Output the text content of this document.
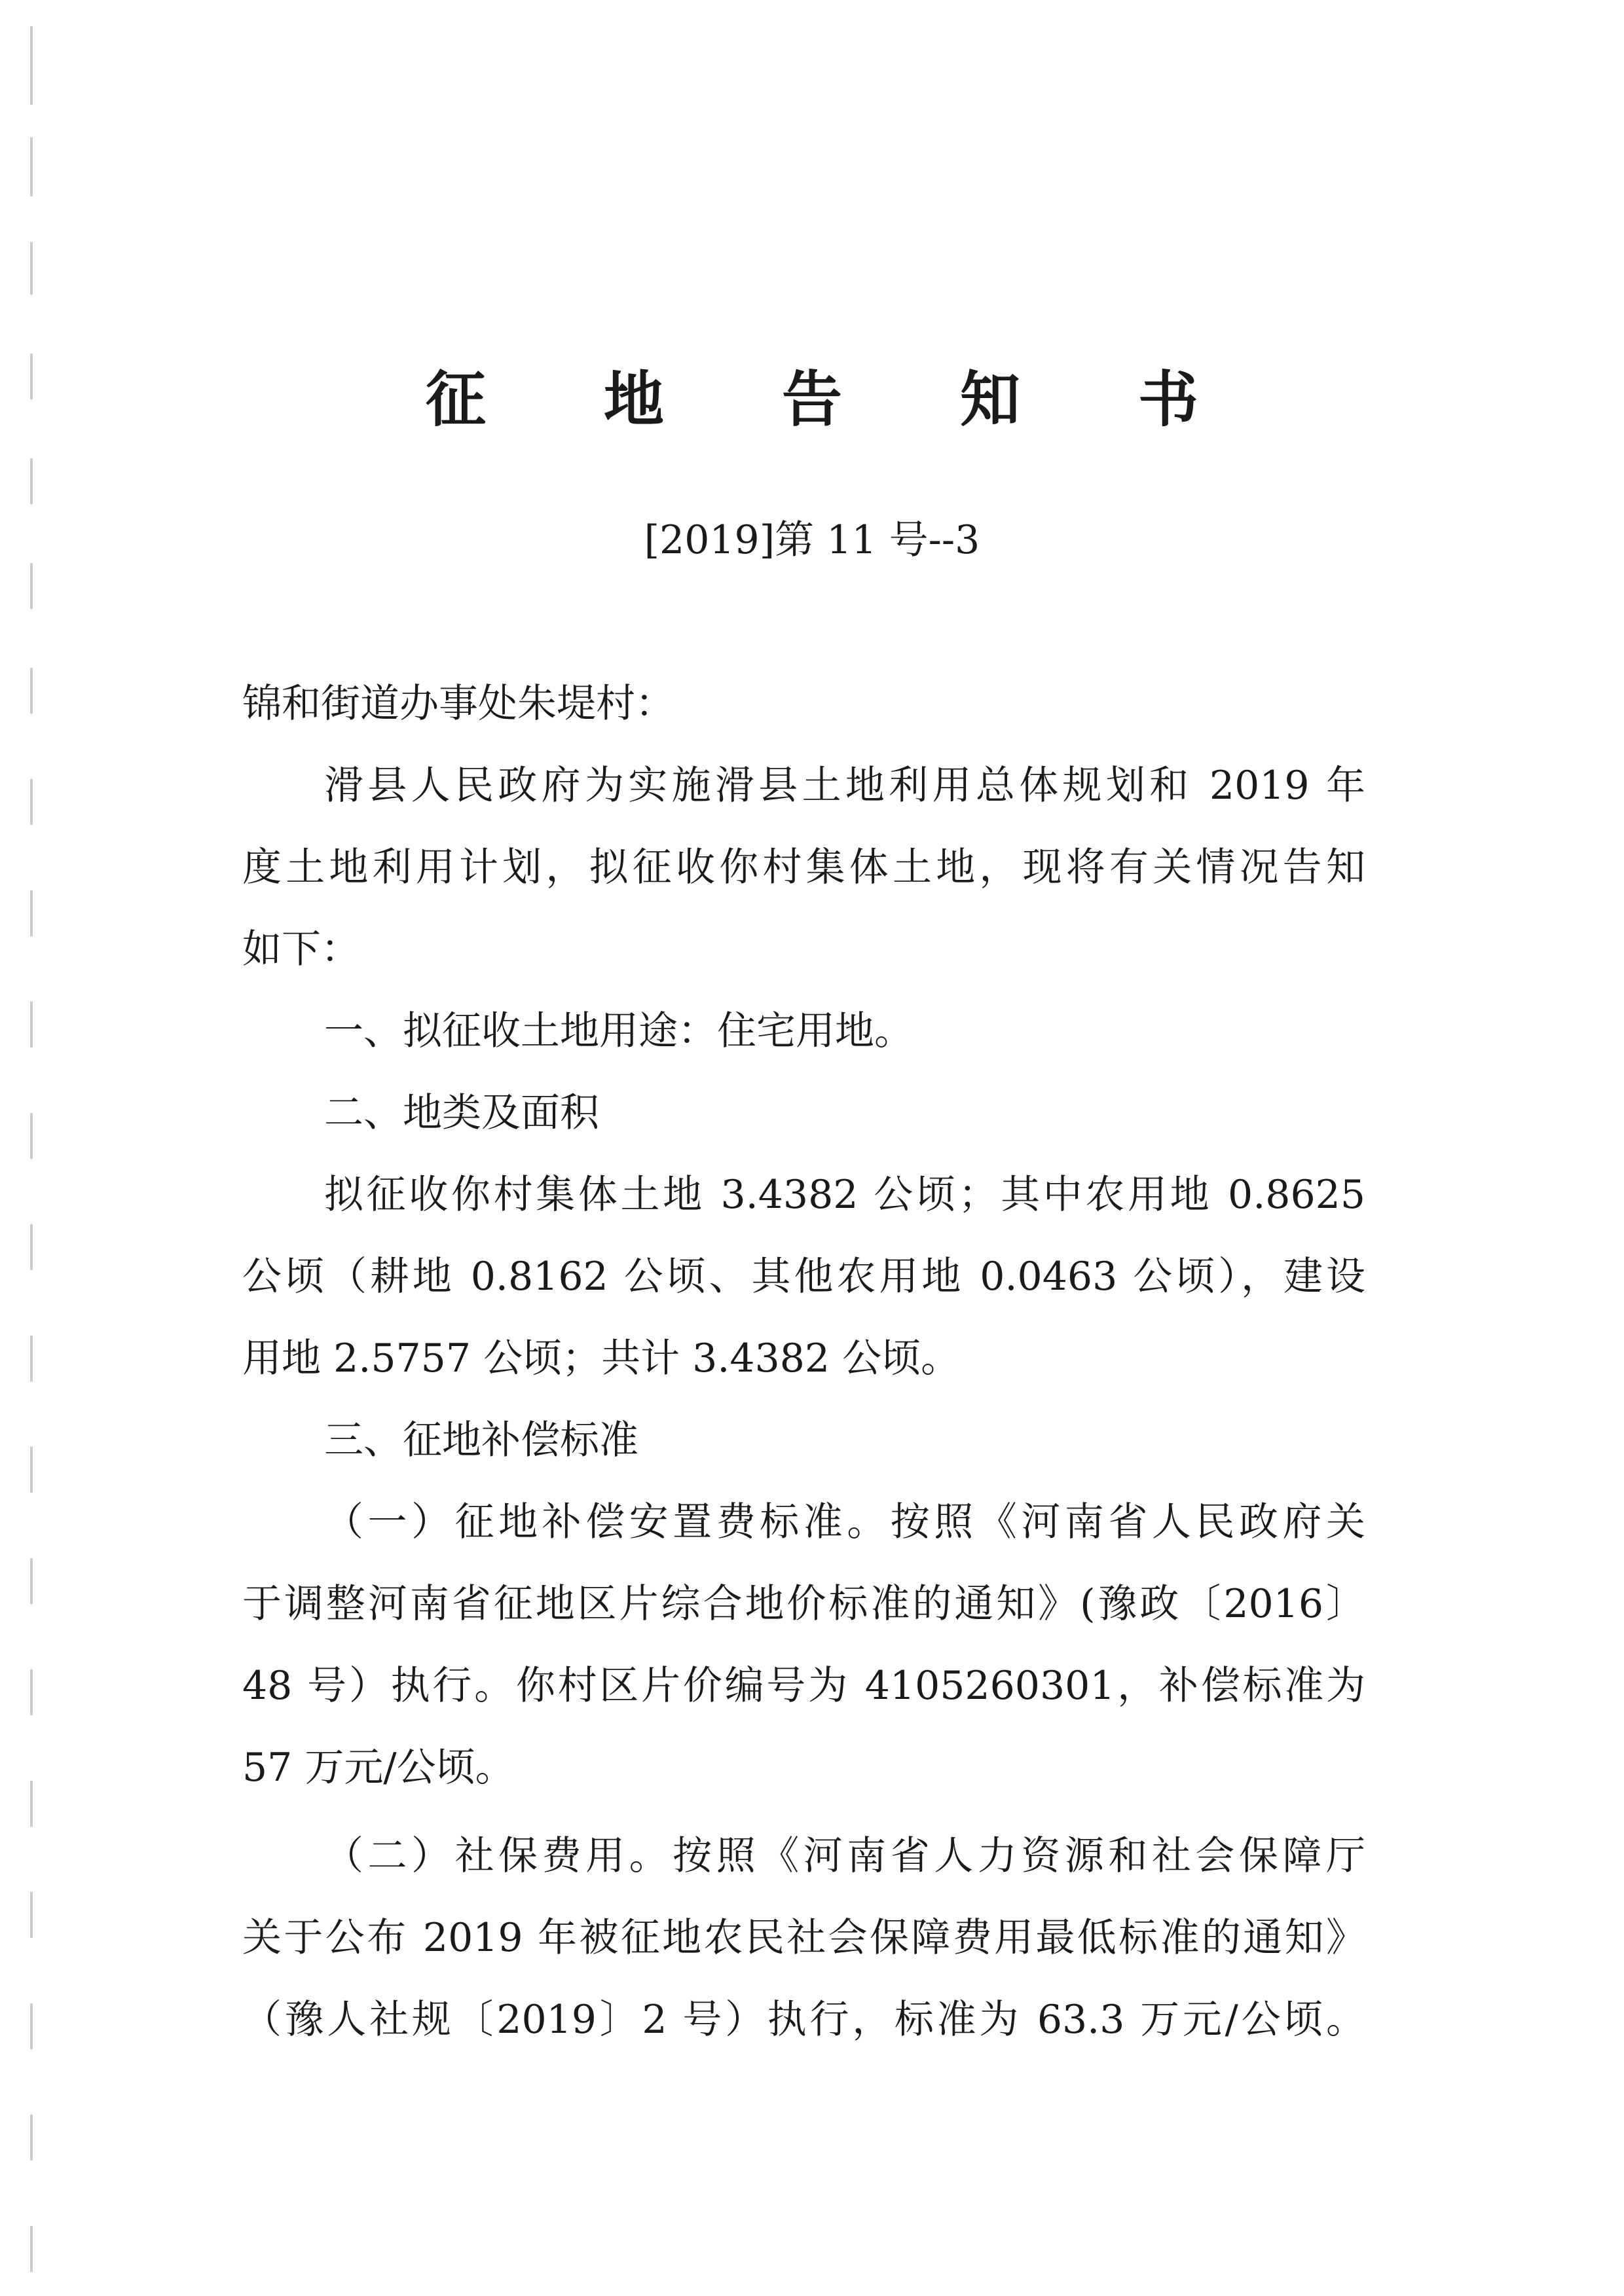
征地告知书
[2019]第 11 号--3
锦和街道办事处朱堤村：
滑县人民政府为实施滑县土地利用总体规划和 2019 年
度土地利用计划，拟征收你村集体土地，现将有关情况告知
如下：
一、拟征收土地用途：住宅用地。
二、地类及面积
拟征收你村集体土地 3.4382 公顷；其中农用地 0.8625
公顷（耕地 0.8162 公顷、其他农用地 0.0463 公顷），建设
用地 2.5757 公顷；共计 3.4382 公顷。
三、征地补偿标准
（一）征地补偿安置费标准。按照《河南省人民政府关
于调整河南省征地区片综合地价标准的通知》(豫政〔2016〕
48 号）执行。你村区片价编号为 4105260301，补偿标准为
57 万元/公顷。
（二）社保费用。按照《河南省人力资源和社会保障厅
关于公布 2019 年被征地农民社会保障费用最低标准的通知》
（豫人社规〔2019〕2 号）执行，标准为 63.3 万元/公顷。
